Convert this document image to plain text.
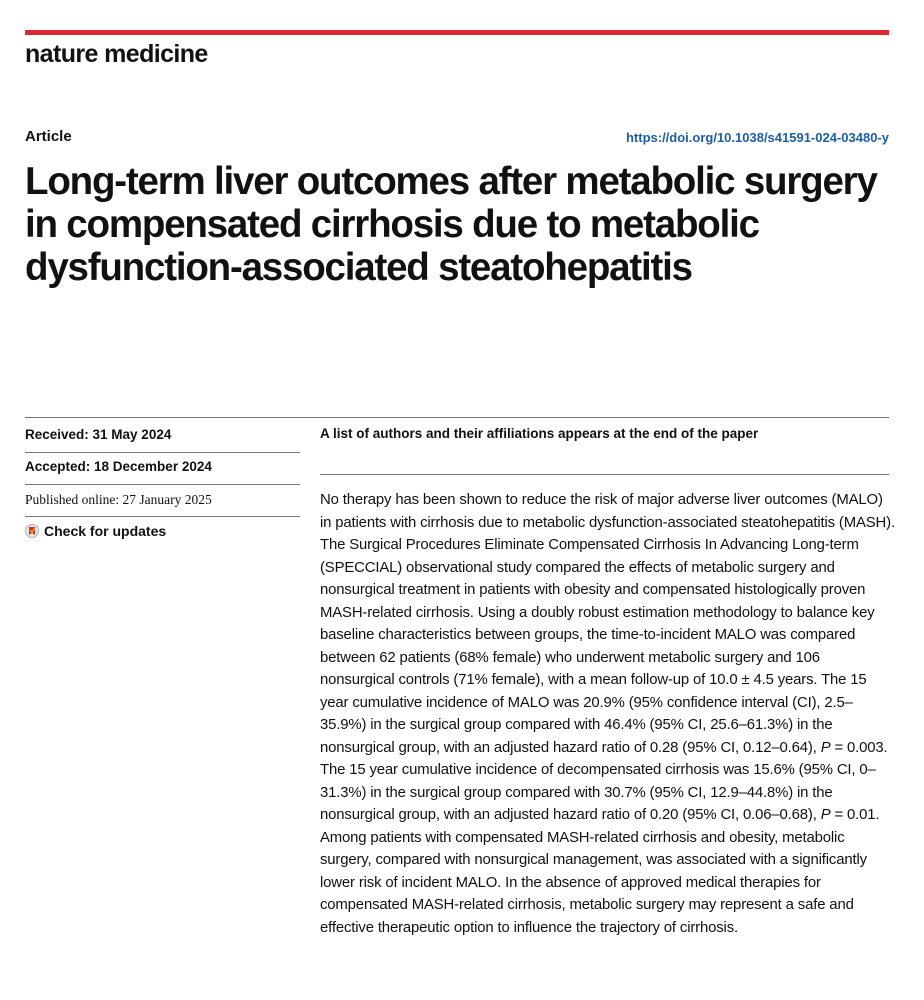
nature medicine
Article	https://doi.org/10.1038/s41591-024-03480-y
Long-term liver outcomes after metabolic surgery in compensated cirrhosis due to metabolic dysfunction-associated steatohepatitis
Received: 31 May 2024
Accepted: 18 December 2024
Published online: 27 January 2025
Check for updates
A list of authors and their affiliations appears at the end of the paper

No therapy has been shown to reduce the risk of major adverse liver outcomes (MALO) in patients with cirrhosis due to metabolic dysfunction-associated steatohepatitis (MASH). The Surgical Procedures Eliminate Compensated Cirrhosis In Advancing Long-term (SPECCIAL) observational study compared the effects of metabolic surgery and nonsurgical treatment in patients with obesity and compensated histologically proven MASH-related cirrhosis. Using a doubly robust estimation methodology to balance key baseline characteristics between groups, the time-to-incident MALO was compared between 62 patients (68% female) who underwent metabolic surgery and 106 nonsurgical controls (71% female), with a mean follow-up of 10.0 ± 4.5 years. The 15 year cumulative incidence of MALO was 20.9% (95% confidence interval (CI), 2.5–35.9%) in the surgical group compared with 46.4% (95% CI, 25.6–61.3%) in the nonsurgical group, with an adjusted hazard ratio of 0.28 (95% CI, 0.12–0.64), P = 0.003. The 15 year cumulative incidence of decompensated cirrhosis was 15.6% (95% CI, 0–31.3%) in the surgical group compared with 30.7% (95% CI, 12.9–44.8%) in the nonsurgical group, with an adjusted hazard ratio of 0.20 (95% CI, 0.06–0.68), P = 0.01. Among patients with compensated MASH-related cirrhosis and obesity, metabolic surgery, compared with nonsurgical management, was associated with a significantly lower risk of incident MALO. In the absence of approved medical therapies for compensated MASH-related cirrhosis, metabolic surgery may represent a safe and effective therapeutic option to influence the trajectory of cirrhosis.
